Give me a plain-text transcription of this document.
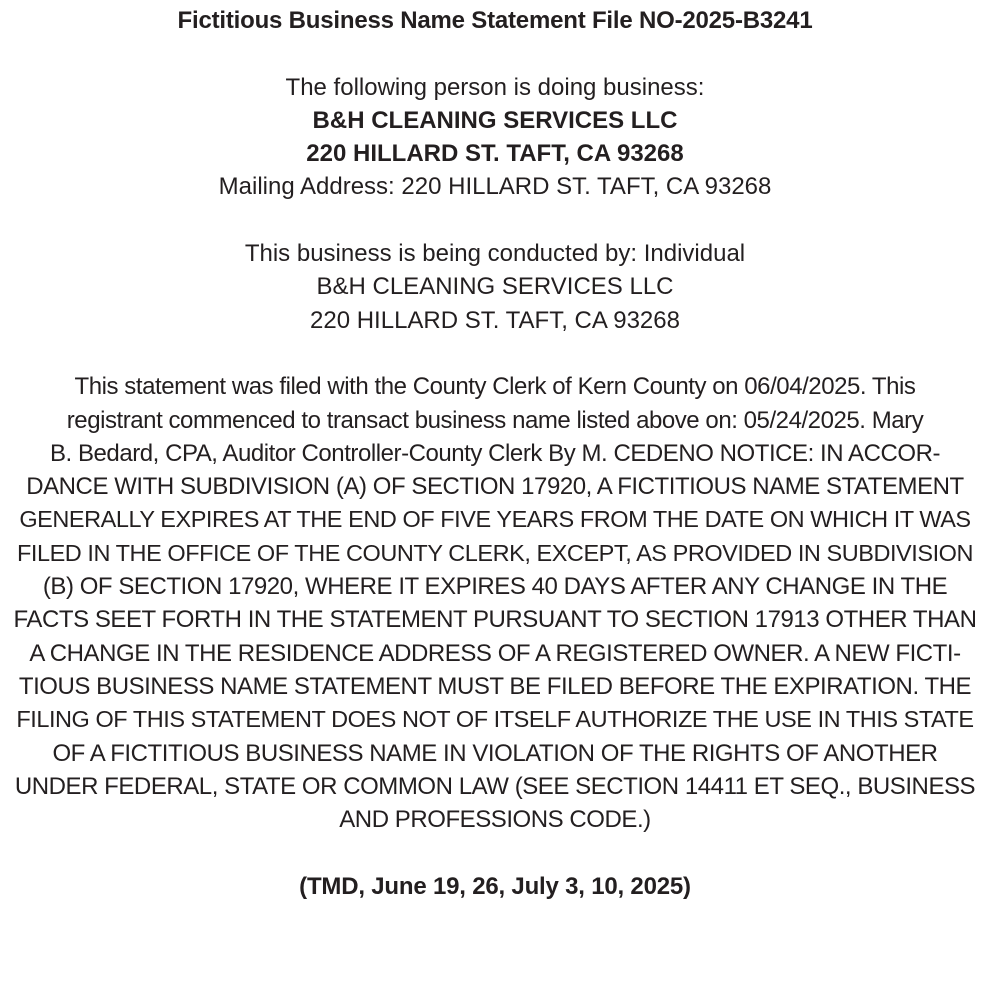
Fictitious Business Name Statement File NO-2025-B3241
The following person is doing business:
B&H CLEANING SERVICES LLC
220 HILLARD ST. TAFT, CA 93268
Mailing Address: 220 HILLARD ST. TAFT, CA 93268
This business is being conducted by: Individual
B&H CLEANING SERVICES LLC
220 HILLARD ST. TAFT, CA 93268
This statement was filed with the County Clerk of Kern County on 06/04/2025. This
registrant commenced to transact business name listed above on: 05/24/2025. Mary
B. Bedard, CPA, Auditor Controller-County Clerk By M. CEDENO NOTICE: IN ACCOR-
DANCE WITH SUBDIVISION (A) OF SECTION 17920, A FICTITIOUS NAME STATEMENT
GENERALLY EXPIRES AT THE END OF FIVE YEARS FROM THE DATE ON WHICH IT WAS
FILED IN THE OFFICE OF THE COUNTY CLERK, EXCEPT, AS PROVIDED IN SUBDIVISION
(B) OF SECTION 17920, WHERE IT EXPIRES 40 DAYS AFTER ANY CHANGE IN THE
FACTS SEET FORTH IN THE STATEMENT PURSUANT TO SECTION 17913 OTHER THAN
A CHANGE IN THE RESIDENCE ADDRESS OF A REGISTERED OWNER. A NEW FICTI-
TIOUS BUSINESS NAME STATEMENT MUST BE FILED BEFORE THE EXPIRATION. THE
FILING OF THIS STATEMENT DOES NOT OF ITSELF AUTHORIZE THE USE IN THIS STATE
OF A FICTITIOUS BUSINESS NAME IN VIOLATION OF THE RIGHTS OF ANOTHER
UNDER FEDERAL, STATE OR COMMON LAW (SEE SECTION 14411 ET SEQ., BUSINESS
AND PROFESSIONS CODE.)
(TMD, June 19, 26, July 3, 10, 2025)
